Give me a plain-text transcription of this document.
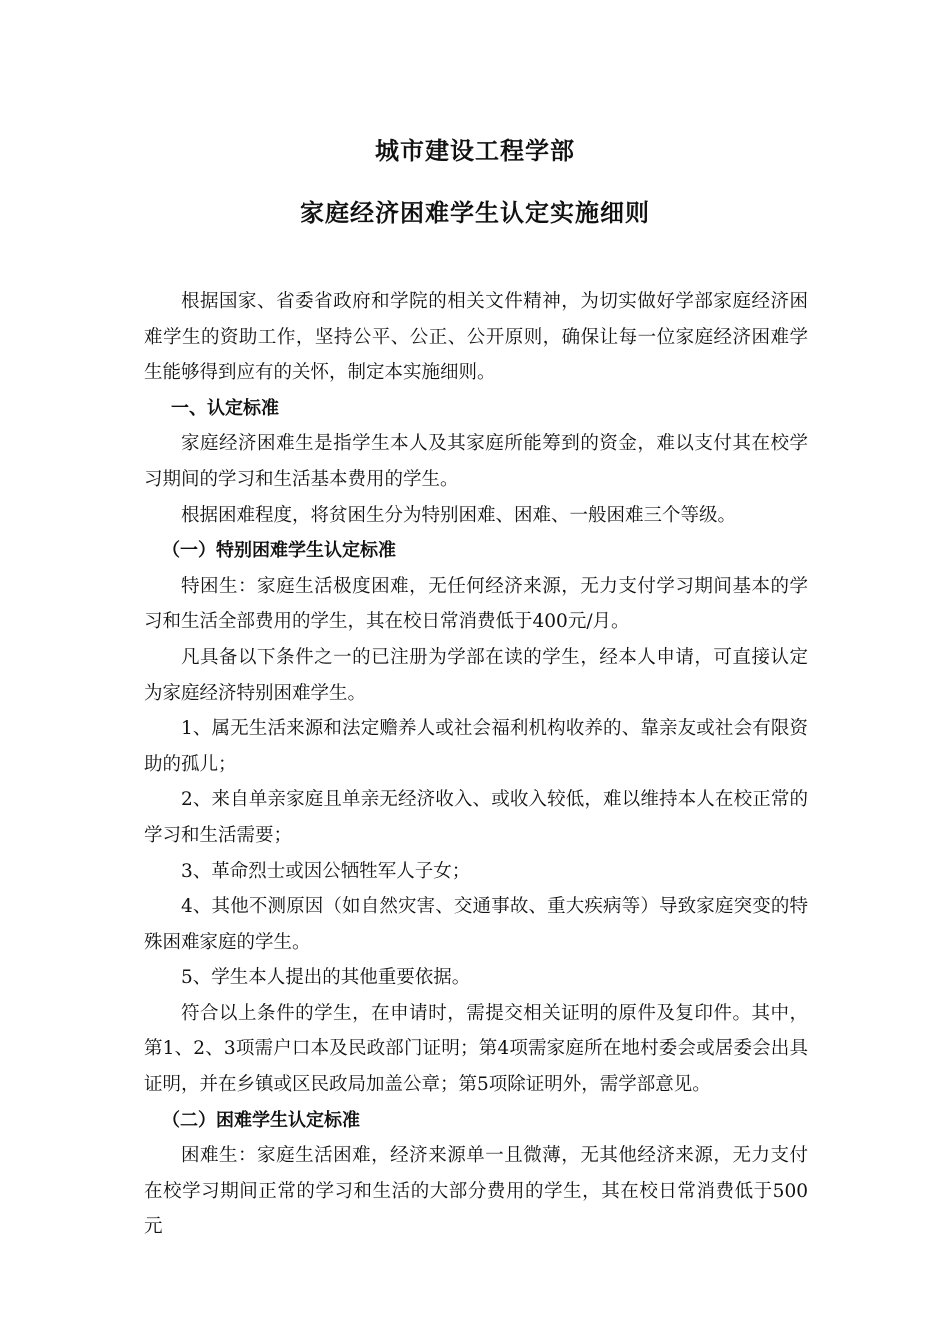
城市建设工程学部
家庭经济困难学生认定实施细则

根据国家、省委省政府和学院的相关文件精神，为切实做好学部家庭经济困难学生的资助工作，坚持公平、公正、公开原则，确保让每一位家庭经济困难学生能够得到应有的关怀，制定本实施细则。

一、认定标准

家庭经济困难生是指学生本人及其家庭所能筹到的资金，难以支付其在校学习期间的学习和生活基本费用的学生。

根据困难程度，将贫困生分为特别困难、困难、一般困难三个等级。

（一）特别困难学生认定标准

特困生：家庭生活极度困难，无任何经济来源，无力支付学习期间基本的学习和生活全部费用的学生，其在校日常消费低于400元/月。

凡具备以下条件之一的已注册为学部在读的学生，经本人申请，可直接认定为家庭经济特别困难学生。

1、属无生活来源和法定赡养人或社会福利机构收养的、靠亲友或社会有限资助的孤儿；

2、来自单亲家庭且单亲无经济收入、或收入较低，难以维持本人在校正常的学习和生活需要；

3、革命烈士或因公牺牲军人子女；

4、其他不测原因（如自然灾害、交通事故、重大疾病等）导致家庭突变的特殊困难家庭的学生。

5、学生本人提出的其他重要依据。

符合以上条件的学生，在申请时，需提交相关证明的原件及复印件。其中，第1、2、3项需户口本及民政部门证明；第4项需家庭所在地村委会或居委会出具证明，并在乡镇或区民政局加盖公章；第5项除证明外，需学部意见。

（二）困难学生认定标准

困难生：家庭生活困难，经济来源单一且微薄，无其他经济来源，无力支付在校学习期间正常的学习和生活的大部分费用的学生，其在校日常消费低于500元
